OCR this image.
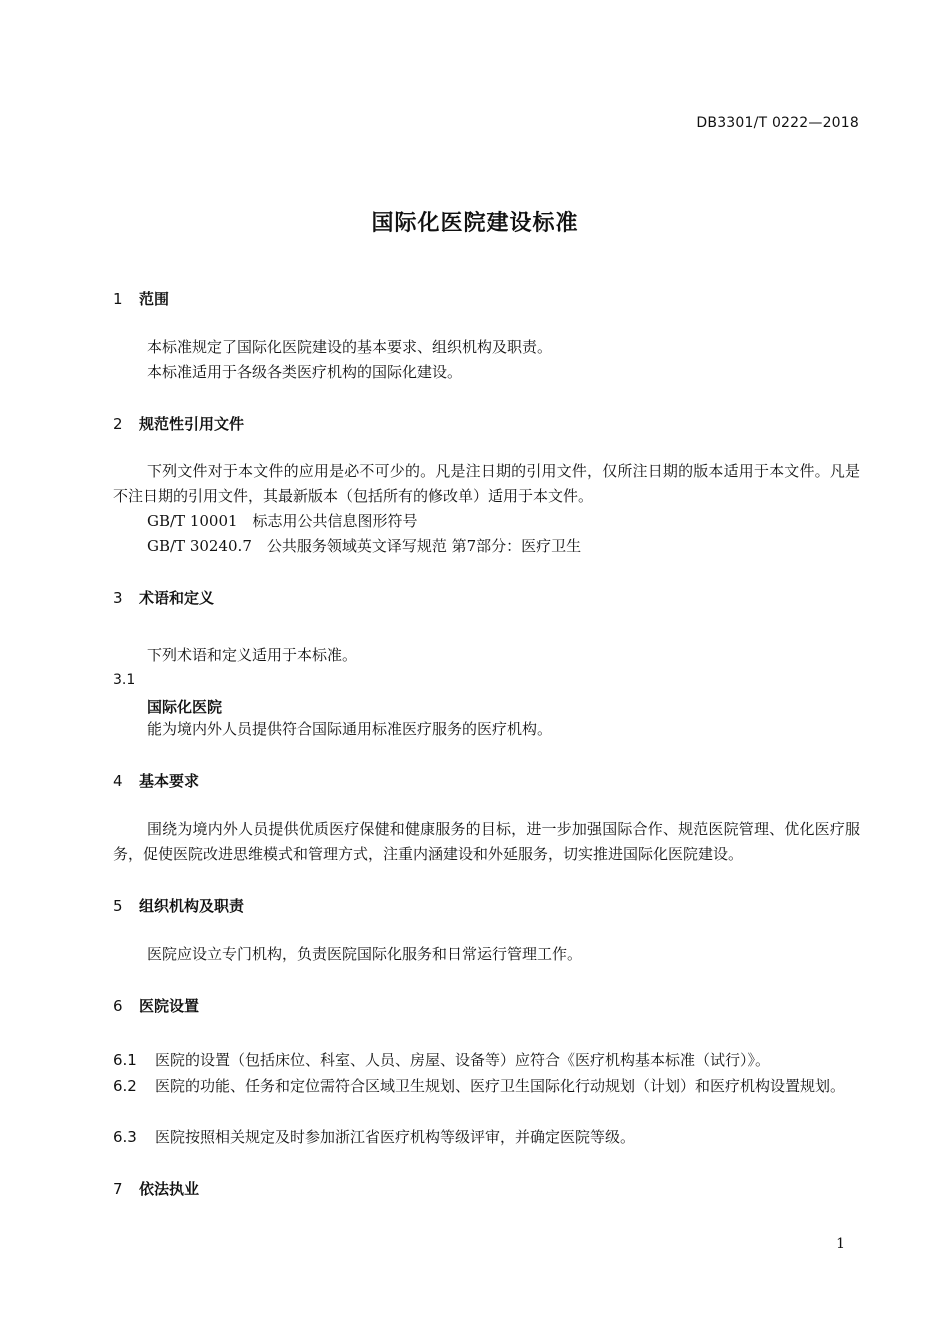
DB3301/T 0222—2018
国际化医院建设标准
1 范围
本标准规定了国际化医院建设的基本要求、组织机构及职责。
本标准适用于各级各类医疗机构的国际化建设。
2 规范性引用文件
下列文件对于本文件的应用是必不可少的。凡是注日期的引用文件，仅所注日期的版本适用于本文件。凡是不注日期的引用文件，其最新版本（包括所有的修改单）适用于本文件。
GB/T 10001　标志用公共信息图形符号
GB/T 30240.7　公共服务领域英文译写规范 第7部分：医疗卫生
3 术语和定义
下列术语和定义适用于本标准。
3.1
国际化医院
能为境内外人员提供符合国际通用标准医疗服务的医疗机构。
4 基本要求
围绕为境内外人员提供优质医疗保健和健康服务的目标，进一步加强国际合作、规范医院管理、优化医疗服务，促使医院改进思维模式和管理方式，注重内涵建设和外延服务，切实推进国际化医院建设。
5 组织机构及职责
医院应设立专门机构，负责医院国际化服务和日常运行管理工作。
6 医院设置
6.1 医院的设置（包括床位、科室、人员、房屋、设备等）应符合《医疗机构基本标准（试行）》。
6.2 医院的功能、任务和定位需符合区域卫生规划、医疗卫生国际化行动规划（计划）和医疗机构设置规划。
6.3 医院按照相关规定及时参加浙江省医疗机构等级评审，并确定医院等级。
7 依法执业
1
